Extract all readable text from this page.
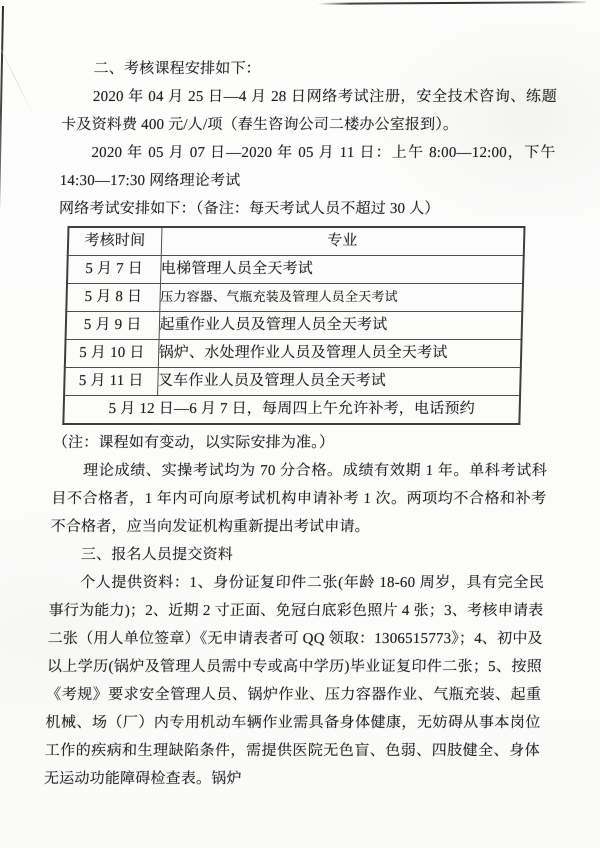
二、考核课程安排如下：

2020 年 04 月 25 日—4 月 28 日网络考试注册，安全技术咨询、练题卡及资料费 400 元/人/项（春生咨询公司二楼办公室报到）。

2020 年 05 月 07 日—2020 年 05 月 11 日：上午 8:00—12:00，下午 14:30—17:30 网络理论考试

网络考试安排如下：（备注：每天考试人员不超过 30 人）

考核时间	专业
5 月 7 日	电梯管理人员全天考试
5 月 8 日	压力容器、气瓶充装及管理人员全天考试
5 月 9 日	起重作业人员及管理人员全天考试
5 月 10 日	锅炉、水处理作业人员及管理人员全天考试
5 月 11 日	叉车作业人员及管理人员全天考试
5 月 12 日—6 月 7 日，每周四上午允许补考，电话预约	

（注：课程如有变动，以实际安排为准。）

理论成绩、实操考试均为 70 分合格。成绩有效期 1 年。单科考试科目不合格者，1 年内可向原考试机构申请补考 1 次。两项均不合格和补考不合格者，应当向发证机构重新提出考试申请。

三、报名人员提交资料

个人提供资料：1、身份证复印件二张(年龄 18-60 周岁，具有完全民事行为能力)；2、近期 2 寸正面、免冠白底彩色照片 4 张；3、考核申请表二张（用人单位签章）《无申请表者可 QQ 领取：1306515773》；4、初中及以上学历(锅炉及管理人员需中专或高中学历)毕业证复印件二张；5、按照《考规》要求安全管理人员、锅炉作业、压力容器作业、气瓶充装、起重机械、场（厂）内专用机动车辆作业需具备身体健康，无妨碍从事本岗位工作的疾病和生理缺陷条件，需提供医院无色盲、色弱、四肢健全、身体无运动功能障碍检查表。锅炉
